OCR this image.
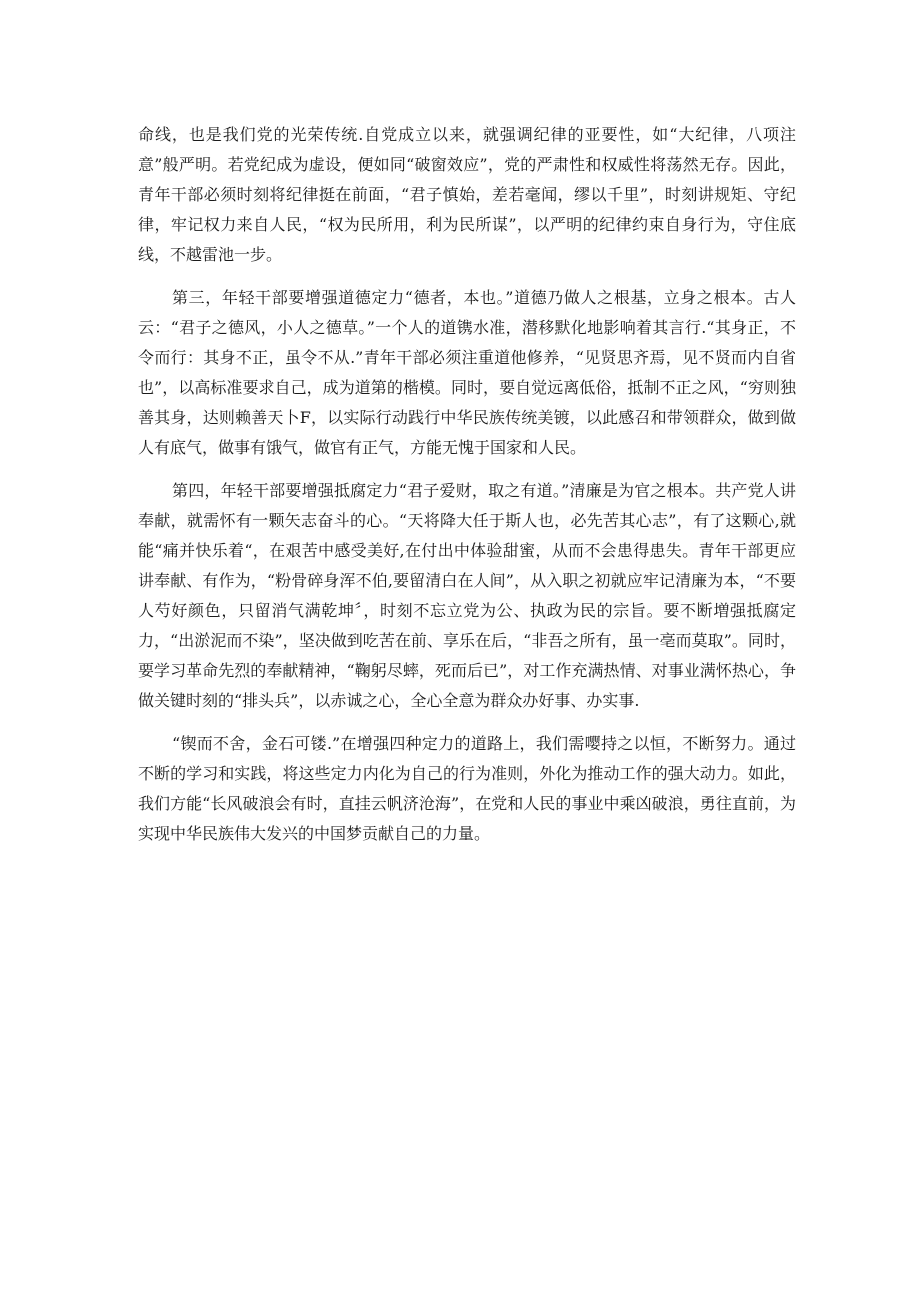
命线，也是我们党的光荣传统.自党成立以来，就强调纪律的亚要性，如“大纪律，八项注意”般严明。若党纪成为虚设，便如同“破窗效应”，党的严肃性和权威性将荡然无存。因此，青年干部必须时刻将纪律挺在前面，“君子慎始，差若毫闻，缪以千里”，时刻讲规矩、守纪律，牢记权力来自人民，“权为民所用，利为民所谋”，以严明的纪律约束自身行为，守住底线，不越雷池一步。

第三，年轻干部要增强道德定力“德者，本也。”道德乃做人之根基，立身之根本。古人云：“君子之德风，小人之德草。”一个人的道镌水准，潜移默化地影响着其言行.“其身正，不令而行：其身不正，虽令不从.”青年干部必须注重道他修养，“见贤思齐焉，见不贤而内自省也”，以高标准要求自己，成为道第的楷模。同时，要自觉远离低俗，抵制不正之风，“穷则独善其身，达则赖善天卜F，以实际行动践行中华民族传统美镀，以此感召和带领群众，做到做人有底气，做事有饿气，做官有正气，方能无愧于国家和人民。

第四，年轻干部要增强抵腐定力“君子爱财，取之有道。”清廉是为官之根本。共产党人讲奉献，就需怀有一颗矢志奋斗的心。“天将降大任于斯人也，必先苦其心志”，有了这颗心,就能“痛并快乐着“，在艰苦中感受美好,在付出中体验甜蜜，从而不会患得患失。青年干部更应讲奉献、有作为，“粉骨碎身浑不伯,要留清白在人间”，从入职之初就应牢记清廉为本，“不要人芍好颜色，只留消气满乾坤〞，时刻不忘立党为公、执政为民的宗旨。要不断増强抵腐定力，“出淤泥而不染”，坚决做到吃苦在前、享乐在后，“非吾之所有，虽一亳而莫取”。同时，要学习革命先烈的奉献精神，“鞠躬尽蟀，死而后已”，对工作充满热情、对事业满怀热心，争做关键时刻的“排头兵”，以赤诚之心，全心全意为群众办好事、办实事.

“锲而不舍，金石可镂.”在增强四种定力的道路上，我们需嘤持之以恒，不断努力。通过不断的学习和实践，将这些定力内化为自己的行为准则，外化为推动工作的强大动力。如此，我们方能“长风破浪会有时，直挂云帆济沧海”，在党和人民的事业中乘凶破浪，勇往直前，为实现中华民族伟大发兴的中国梦贡献自己的力量。
